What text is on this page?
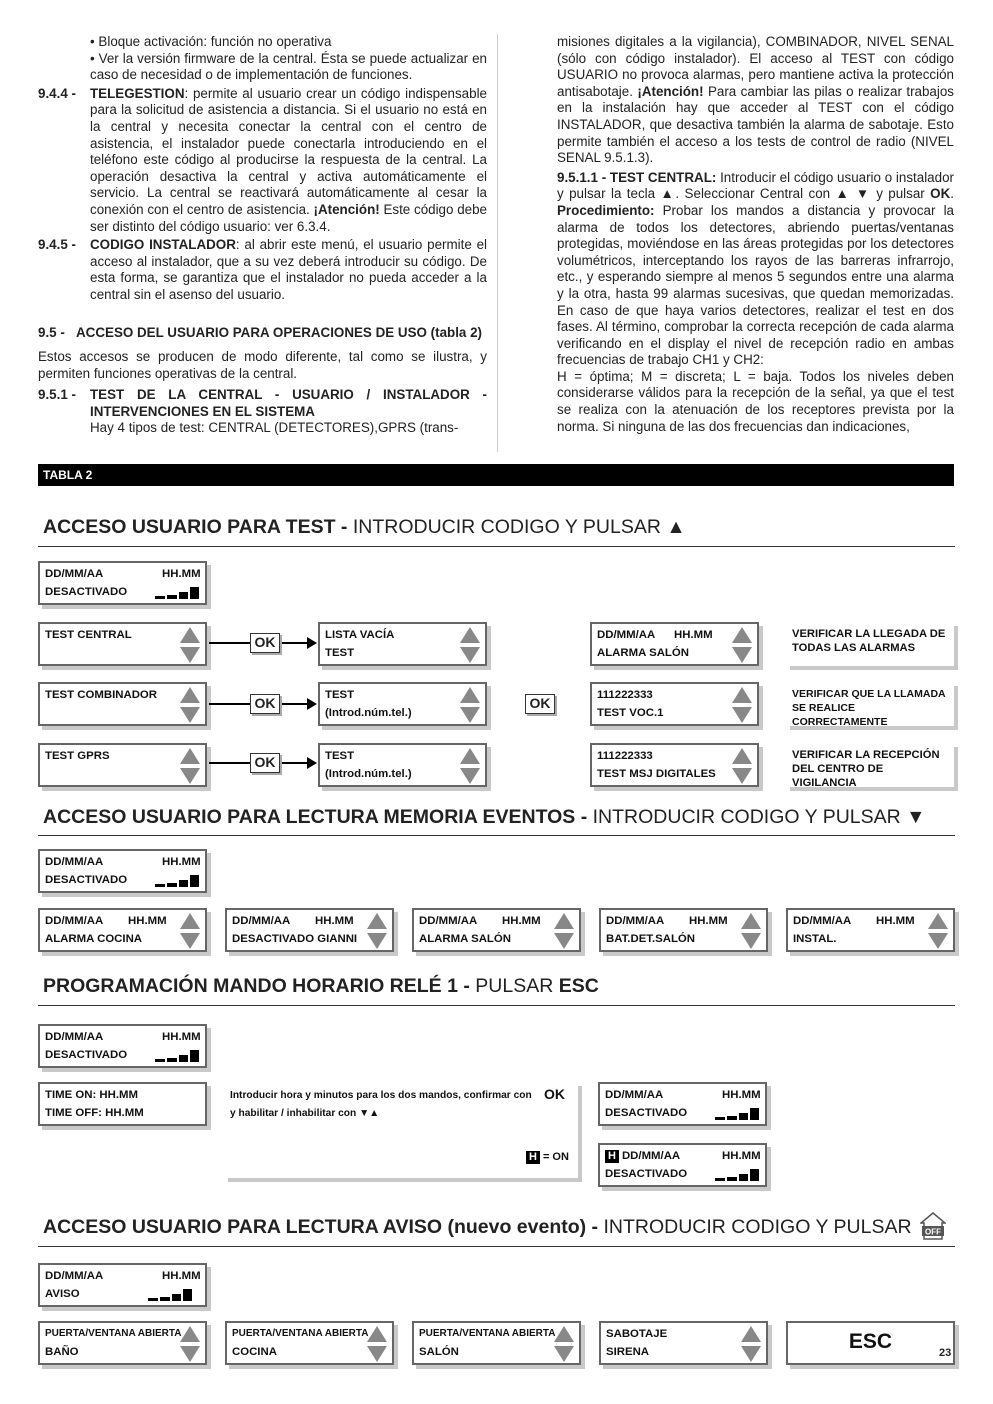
• Bloque activación: función no operativa

• Ver la versión firmware de la central. Ésta se puede actualizar en caso de necesidad o de implementación de funciones.

9.4.4 -	TELEGESTION: permite al usuario crear un código indispensable para la solicitud de asistencia a distancia. Si el usuario no está en la central y necesita conectar la central con el centro de asistencia, el instalador puede conectarla introduciendo en el teléfono este código al producirse la respuesta de la central. La operación desactiva la central y activa automáticamente el servicio. La central se reactivará automáticamente al cesar la conexión con el centro de asistencia. ¡Atención! Este código debe ser distinto del código usuario: ver 6.3.4.
9.4.5 -	CODIGO INSTALADOR: al abrir este menú, el usuario permite el acceso al instalador, que a su vez deberá introducir su código. De esta forma, se garantiza que el instalador no pueda acceder a la central sin el asenso del usuario.
9.5 - ACCESO DEL USUARIO PARA OPERACIONES DE USO (tabla 2)

Estos accesos se producen de modo diferente, tal como se ilustra, y permiten funciones operativas de la central.

9.5.1 -	TEST DE LA CENTRAL - USUARIO / INSTALADOR - INTERVENCIONES EN EL SISTEMA

Hay 4 tipos de test: CENTRAL (DETECTORES),GPRS (trans-

misiones digitales a la vigilancia), COMBINADOR, NIVEL SENAL (sólo con código instalador). El acceso al TEST con código USUARIO no provoca alarmas, pero mantiene activa la protección antisabotaje. ¡Atención! Para cambiar las pilas o realizar trabajos en la instalación hay que acceder al TEST con el código INSTALADOR, que desactiva también la alarma de sabotaje. Esto permite también el acceso a los tests de control de radio (NIVEL SENAL 9.5.1.3).

9.5.1.1 - TEST CENTRAL: Introducir el código usuario o instalador y pulsar la tecla ▲. Seleccionar Central con ▲ ▼ y pulsar OK. Procedimiento: Probar los mandos a distancia y provocar la alarma de todos los detectores, abriendo puertas/ventanas protegidas, moviéndose en las áreas protegidas por los detectores volumétricos, interceptando los rayos de las barreras infrarrojo, etc., y esperando siempre al menos 5 segundos entre una alarma y la otra, hasta 99 alarmas sucesivas, que quedan memorizadas. En caso de que haya varios detectores, realizar el test en dos fases. Al término, comprobar la correcta recepción de cada alarma verificando en el display el nivel de recepción radio en ambas frecuencias de trabajo CH1 y CH2:

H = óptima; M = discreta; L = baja. Todos los niveles deben considerarse válidos para la recepción de la señal, ya que el test se realiza con la atenuación de los receptores prevista por la norma. Si ninguna de las dos frecuencias dan indicaciones,

TABLA 2
ACCESO USUARIO PARA TEST - INTRODUCIR CODIGO Y PULSAR ▲
DD/MM/AA	HH.MM
DESACTIVADO
TEST CENTRAL	OK	LISTA VACÍA
TEST
DD/MM/AA HH.MM
ALARMA SALÓN
VERIFICAR LA LLEGADA DE TODAS LAS ALARMAS
TEST COMBINADOR	OK	TEST
(Introd.núm.tel.)
OK	111222333
TEST VOC.1
VERIFICAR QUE LA LLAMADA SE REALICE CORRECTAMENTE
TEST GPRS	OK	TEST
(Introd.núm.tel.)
111222333
TEST MSJ DIGITALES
VERIFICAR LA RECEPCIÓN DEL CENTRO DE VIGILANCIA
ACCESO USUARIO PARA LECTURA MEMORIA EVENTOS - INTRODUCIR CODIGO Y PULSAR ▼
DD/MM/AA	HH.MM
DESACTIVADO
DD/MM/AA HH.MM
ALARMA COCINA
DD/MM/AA HH.MM
DESACTIVADO GIANNI
DD/MM/AA HH.MM
ALARMA SALÓN
DD/MM/AA HH.MM
BAT.DET.SALÓN
DD/MM/AA HH.MM
INSTAL.
PROGRAMACIÓN MANDO HORARIO RELÉ 1 - PULSAR ESC
DD/MM/AA	HH.MM
DESACTIVADO
TIME ON: HH.MM
TIME OFF: HH.MM
Introducir hora y minutos para los dos mandos, confirmar con OK
y habilitar / inhabilitar con ▼▲
H = ON
DD/MM/AA	HH.MM
DESACTIVADO
H DD/MM/AA	HH.MM
DESACTIVADO
ACCESO USUARIO PARA LECTURA AVISO (nuevo evento) - INTRODUCIR CODIGO Y PULSAR OFF
DD/MM/AA	HH.MM
AVISO
PUERTA/VENTANA ABIERTA
BAÑO
PUERTA/VENTANA ABIERTA
COCINA
PUERTA/VENTANA ABIERTA
SALÓN
SABOTAJE
SIRENA	ESC	23
